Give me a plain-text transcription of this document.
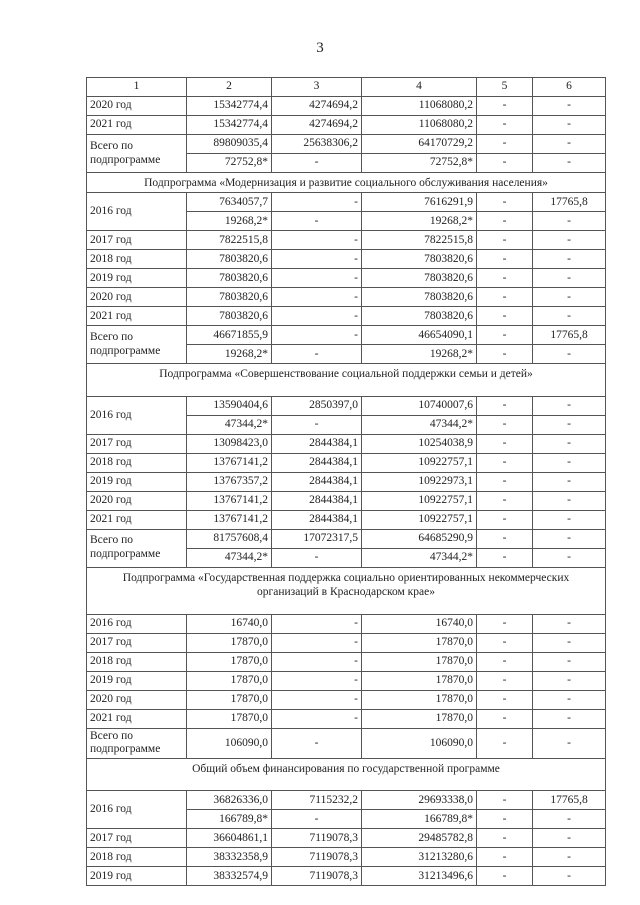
3
1	2	3	4	5	6
2020 год	15342774,4	4274694,2	11068080,2	-	-
2021 год	15342774,4	4274694,2	11068080,2	-	-
Всего по подпрограмме	89809035,4	25638306,2	64170729,2	-	-
	72752,8*	-	72752,8*	-	-
Подпрограмма «Модернизация и развитие социального обслуживания населения»					
2016 год	7634057,7	-	7616291,9	-	17765,8
	19268,2*	-	19268,2*	-	-
2017 год	7822515,8	-	7822515,8	-	-
2018 год	7803820,6	-	7803820,6	-	-
2019 год	7803820,6	-	7803820,6	-	-
2020 год	7803820,6	-	7803820,6	-	-
2021 год	7803820,6	-	7803820,6	-	-
Всего по подпрограмме	46671855,9	-	46654090,1	-	17765,8
	19268,2*	-	19268,2*	-	-
Подпрограмма «Совершенствование социальной поддержки семьи и детей»					
2016 год	13590404,6	2850397,0	10740007,6	-	-
	47344,2*	-	47344,2*	-	-
2017 год	13098423,0	2844384,1	10254038,9	-	-
2018 год	13767141,2	2844384,1	10922757,1	-	-
2019 год	13767357,2	2844384,1	10922973,1	-	-
2020 год	13767141,2	2844384,1	10922757,1	-	-
2021 год	13767141,2	2844384,1	10922757,1	-	-
Всего по подпрограмме	81757608,4	17072317,5	64685290,9	-	-
	47344,2*	-	47344,2*	-	-
Подпрограмма «Государственная поддержка социально ориентированных некоммерческих организаций в Краснодарском крае»					
2016 год	16740,0	-	16740,0	-	-
2017 год	17870,0	-	17870,0	-	-
2018 год	17870,0	-	17870,0	-	-
2019 год	17870,0	-	17870,0	-	-
2020 год	17870,0	-	17870,0	-	-
2021 год	17870,0	-	17870,0	-	-
Всего по подпрограмме	106090,0	-	106090,0	-	-
Общий объем финансирования по государственной программе					
2016 год	36826336,0	7115232,2	29693338,0	-	17765,8
	166789,8*	-	166789,8*	-	-
2017 год	36604861,1	7119078,3	29485782,8	-	-
2018 год	38332358,9	7119078,3	31213280,6	-	-
2019 год	38332574,9	7119078,3	31213496,6	-	-
